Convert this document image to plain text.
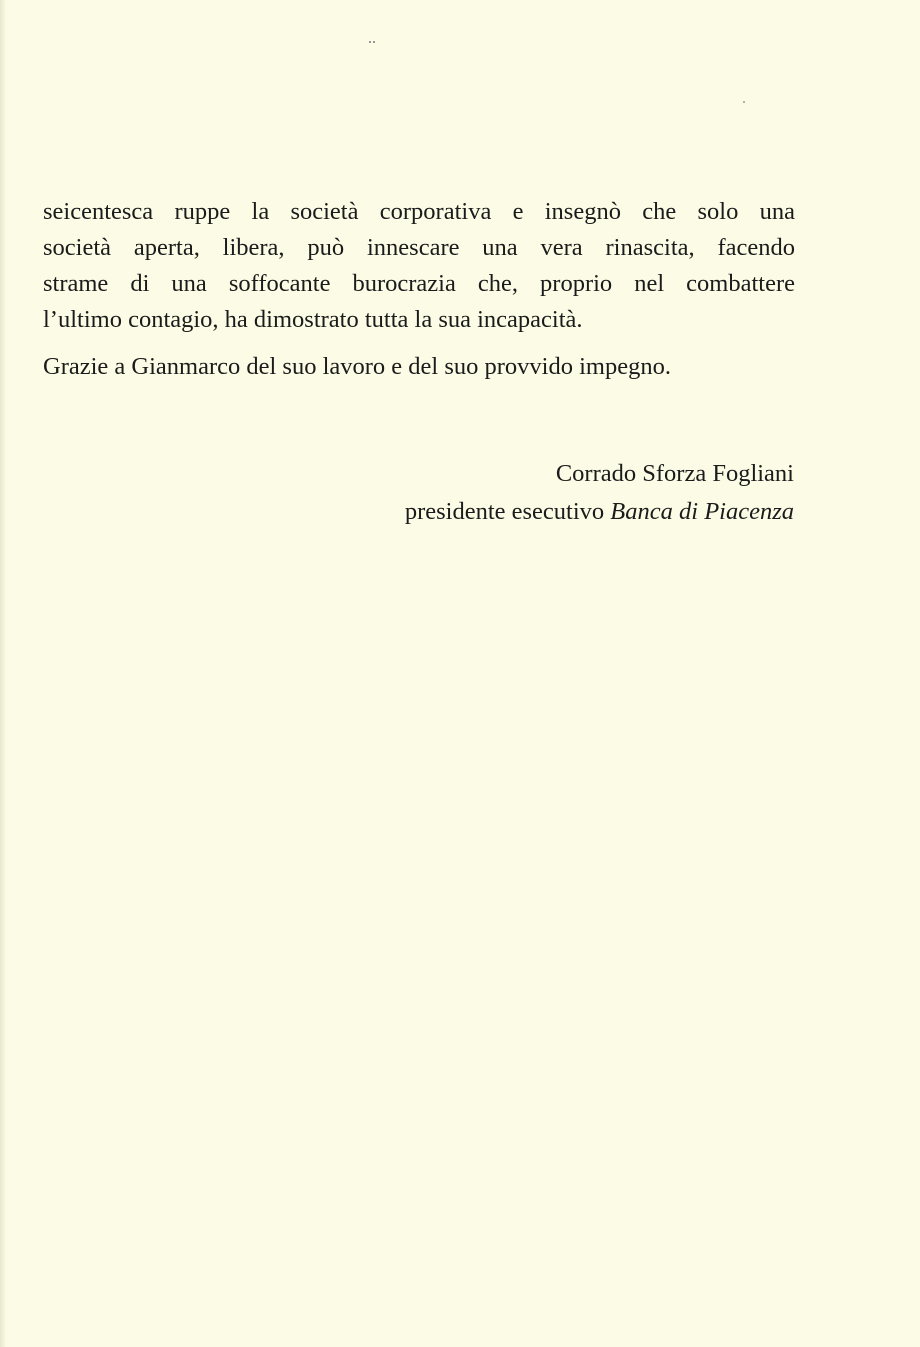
seicentesca ruppe la società corporativa e insegnò che solo una
società aperta, libera, può innescare una vera rinascita, facendo
strame di una soffocante burocrazia che, proprio nel combattere
l’ultimo contagio, ha dimostrato tutta la sua incapacità.

Grazie a Gianmarco del suo lavoro e del suo provvido impegno.

Corrado Sforza Fogliani
presidente esecutivo Banca di Piacenza
